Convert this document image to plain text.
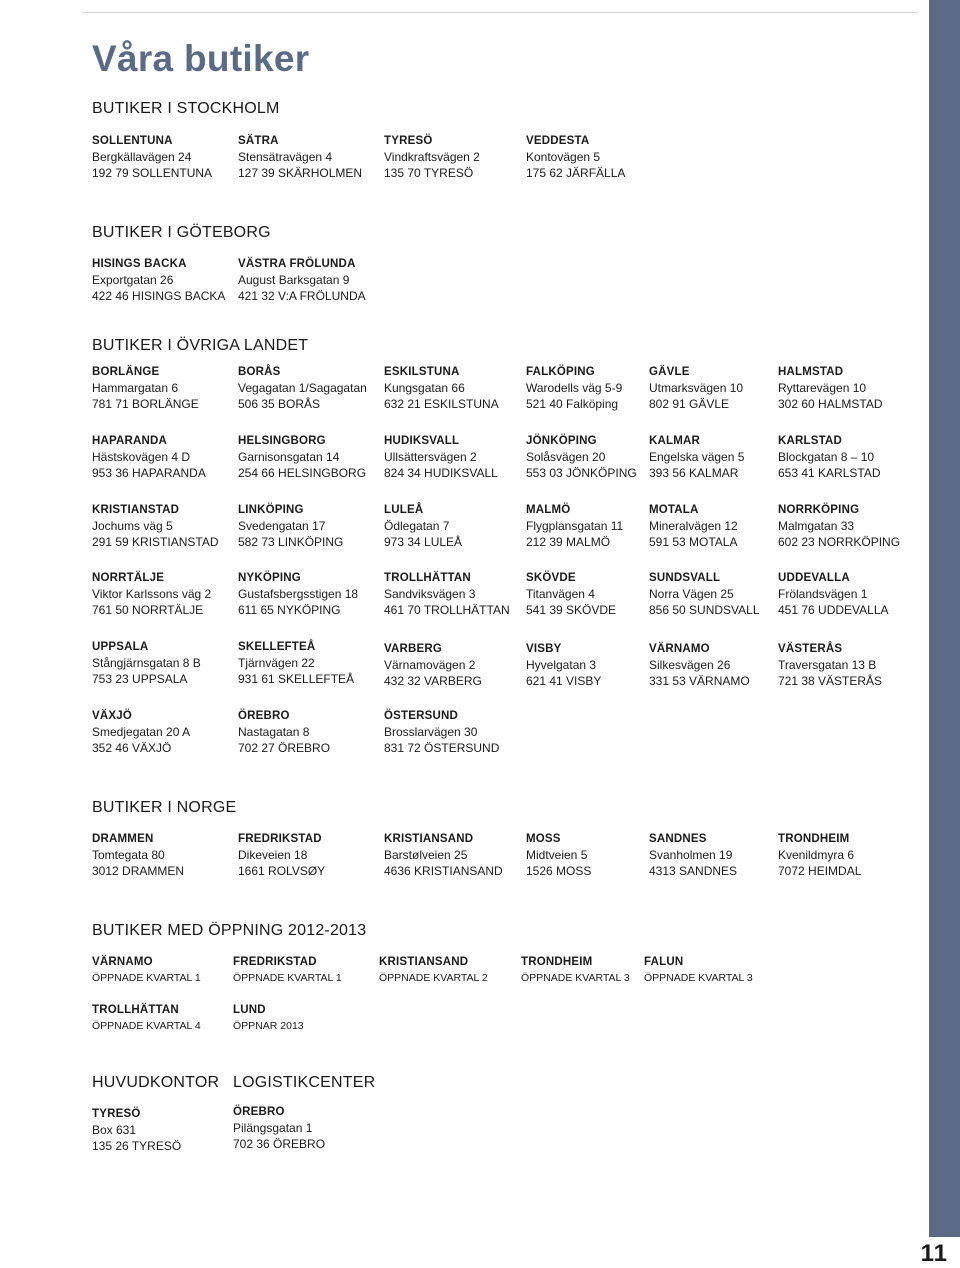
11
Våra butiker
BUTIKER I STOCKHOLM
SOLLENTUNA
Bergkällavägen 24
192 79 SOLLENTUNA
SÄTRA
Stensätravägen 4
127 39 SKÄRHOLMEN
TYRESÖ
Vindkraftsvägen 2
135 70 TYRESÖ
VEDDESTA
Kontovägen 5
175 62 JÄRFÄLLA
BUTIKER I GÖTEBORG
HISINGS BACKA
Exportgatan 26
422 46 HISINGS BACKA
VÄSTRA FRÖLUNDA
August Barksgatan 9
421 32 V:A FRÖLUNDA
BUTIKER I ÖVRIGA LANDET
BORLÄNGE
Hammargatan 6
781 71 BORLÄNGE
BORÅS
Vegagatan 1/Sagagatan
506 35 BORÅS
ESKILSTUNA
Kungsgatan 66
632 21 ESKILSTUNA
FALKÖPING
Warodells väg 5-9
521 40 Falköping
GÄVLE
Utmarksvägen 10
802 91 GÄVLE
HALMSTAD
Ryttarevägen 10
302 60 HALMSTAD
HAPARANDA
Hästskovägen 4 D
953 36 HAPARANDA
HELSINGBORG
Garnisonsgatan 14
254 66 HELSINGBORG
HUDIKSVALL
Ullsättersvägen 2
824 34 HUDIKSVALL
JÖNKÖPING
Solåsvägen 20
553 03 JÖNKÖPING
KALMAR
Engelska vägen 5
393 56 KALMAR
KARLSTAD
Blockgatan 8 – 10
653 41 KARLSTAD
KRISTIANSTAD
Jochums väg 5
291 59 KRISTIANSTAD
LINKÖPING
Svedengatan 17
582 73 LINKÖPING
LULEÅ
Ödlegatan 7
973 34 LULEÅ
MALMÖ
Flygplansgatan 11
212 39 MALMÖ
MOTALA
Mineralvägen 12
591 53 MOTALA
NORRKÖPING
Malmgatan 33
602 23 NORRKÖPING
NORRTÄLJE
Viktor Karlssons väg 2
761 50 NORRTÄLJE
NYKÖPING
Gustafsbergsstigen 18
611 65 NYKÖPING
TROLLHÄTTAN
Sandviksvägen 3
461 70 TROLLHÄTTAN
SKÖVDE
Titanvägen 4
541 39 SKÖVDE
SUNDSVALL
Norra Vägen 25
856 50 SUNDSVALL
UDDEVALLA
Frölandsvägen 1
451 76 UDDEVALLA
UPPSALA
Stångjärnsgatan 8 B
753 23 UPPSALA
SKELLEFTEÅ
Tjärnvägen 22
931 61 SKELLEFTEÅ
VARBERG
Värnamovägen 2
432 32 VARBERG
VISBY
Hyvelgatan 3
621 41 VISBY
VÄRNAMO
Silkesvägen 26
331 53 VÄRNAMO
VÄSTERÅS
Traversgatan 13 B
721 38 VÄSTERÅS
VÄXJÖ
Smedjegatan 20 A
352 46 VÄXJÖ
ÖREBRO
Nastagatan 8
702 27 ÖREBRO
ÖSTERSUND
Brosslarvägen 30
831 72 ÖSTERSUND
BUTIKER I NORGE
DRAMMEN
Tomtegata 80
3012 DRAMMEN
FREDRIKSTAD
Dikeveien 18
1661 ROLVSØY
KRISTIANSAND
Barstølveien 25
4636 KRISTIANSAND
MOSS
Midtveien 5
1526 MOSS
SANDNES
Svanholmen 19
4313 SANDNES
TRONDHEIM
Kvenildmyra 6
7072 HEIMDAL
BUTIKER MED ÖPPNING 2012-2013
VÄRNAMO
ÖPPNADE KVARTAL 1
FREDRIKSTAD
ÖPPNADE KVARTAL 1
KRISTIANSAND
ÖPPNADE KVARTAL 2
TRONDHEIM
ÖPPNADE KVARTAL 3
FALUN
ÖPPNADE KVARTAL 3
TROLLHÄTTAN
ÖPPNADE KVARTAL 4
LUND
ÖPPNAR 2013
HUVUDKONTOR LOGISTIKCENTER
TYRESÖ
Box 631
135 26 TYRESÖ
ÖREBRO
Pilängsgatan 1
702 36 ÖREBRO
